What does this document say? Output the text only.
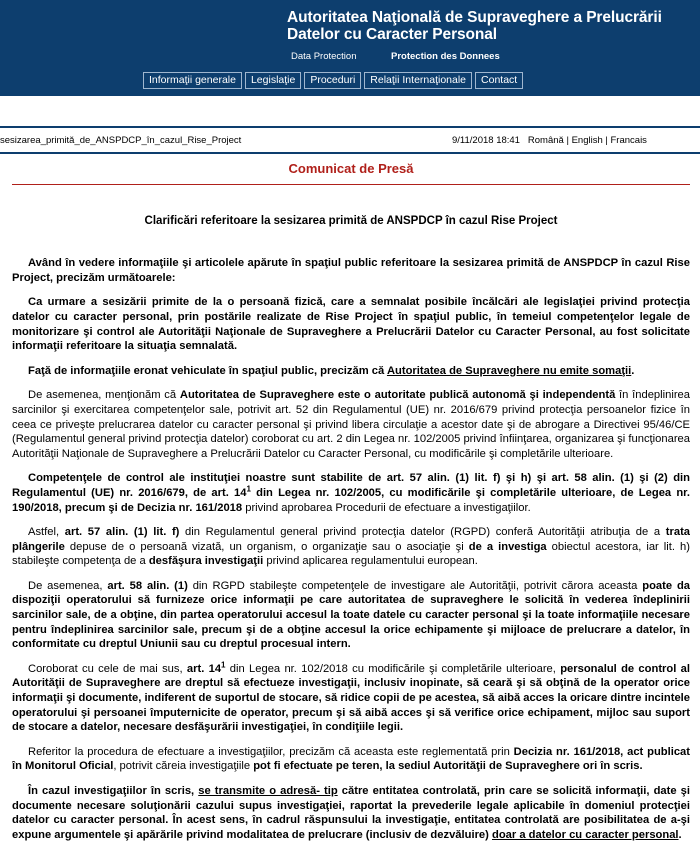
Autoritatea Naţională de Supraveghere a Prelucrării
Datelor cu Caracter Personal
Data Protection	Protection des Donnees
Informaţii generale	Legislaţie	Proceduri	Relaţii Internaţionale	Contact
sesizarea_primită_de_ANSPDCP_în_cazul_Rise_Project	9/11/2018 18:41 Română | English | Francais
Comunicat de Presă
Clarificări referitoare la sesizarea primită de ANSPDCP în cazul Rise Project

Având în vedere informaţiile şi articolele apărute în spaţiul public referitoare la sesizarea primită de ANSPDCP în cazul Rise Project, precizăm următoarele:

Ca urmare a sesizării primite de la o persoană fizică, care a semnalat posibile încălcări ale legislaţiei privind protecţia datelor cu caracter personal, prin postările realizate de Rise Project în spaţiul public, în temeiul competenţelor legale de monitorizare şi control ale Autorităţii Naţionale de Supraveghere a Prelucrării Datelor cu Caracter Personal, au fost solicitate informaţii referitoare la situaţia semnalată.

Faţă de informaţiile eronat vehiculate în spaţiul public, precizăm că Autoritatea de Supraveghere nu emite somaţii.

De asemenea, menţionăm că Autoritatea de Supraveghere este o autoritate publică autonomă şi independentă în îndeplinirea sarcinilor şi exercitarea competenţelor sale, potrivit art. 52 din Regulamentul (UE) nr. 2016/679 privind protecţia persoanelor fizice în ceea ce priveşte prelucrarea datelor cu caracter personal şi privind libera circulaţie a acestor date şi de abrogare a Directivei 95/46/CE (Regulamentul general privind protecţia datelor) coroborat cu art. 2 din Legea nr. 102/2005 privind înfiinţarea, organizarea şi funcţionarea Autorităţii Naţionale de Supraveghere a Prelucrării Datelor cu Caracter Personal, cu modificările şi completările ulterioare.

Competenţele de control ale instituţiei noastre sunt stabilite de art. 57 alin. (1) lit. f) şi h) şi art. 58 alin. (1) şi (2) din Regulamentul (UE) nr. 2016/679, de art. $14^1$ din Legea nr. 102/2005, cu modificările şi completările ulterioare, de Legea nr. 190/2018, precum şi de Decizia nr. 161/2018 privind aprobarea Procedurii de efectuare a investigaţiilor.

Astfel, art. 57 alin. (1) lit. f) din Regulamentul general privind protecţia datelor (RGPD) conferă Autorităţii atribuţia de a trata plângerile depuse de o persoană vizată, un organism, o organizaţie sau o asociaţie şi de a investiga obiectul acestora, iar lit. h) stabileşte competenţa de a desfăşura investigaţii privind aplicarea regulamentului european.

De asemenea, art. 58 alin. (1) din RGPD stabileşte competenţele de investigare ale Autorităţii, potrivit cărora aceasta poate da dispoziţii operatorului să furnizeze orice informaţii pe care autoritatea de supraveghere le solicită în vederea îndeplinirii sarcinilor sale, de a obţine, din partea operatorului accesul la toate datele cu caracter personal şi la toate informaţiile necesare pentru îndeplinirea sarcinilor sale, precum şi de a obţine accesul la orice echipamente şi mijloace de prelucrare a datelor, în conformitate cu dreptul Uniunii sau cu dreptul procesual intern.

Coroborat cu cele de mai sus, art. $14^1$ din Legea nr. 102/2018 cu modificările şi completările ulterioare, personalul de control al Autorităţii de Supraveghere are dreptul să efectueze investigaţii, inclusiv inopinate, să ceară şi să obţină de la operator orice informaţii şi documente, indiferent de suportul de stocare, să ridice copii de pe acestea, să aibă acces la oricare dintre incintele operatorului şi persoanei împuternicite de operator, precum şi să aibă acces şi să verifice orice echipament, mijloc sau suport de stocare a datelor, necesare desfăşurării investigaţiei, în condiţiile legii.

Referitor la procedura de efectuare a investigaţiilor, precizăm că aceasta este reglementată prin Decizia nr. 161/2018, act publicat în Monitorul Oficial, potrivit căreia investigaţiile pot fi efectuate pe teren, la sediul Autorităţii de Supraveghere ori în scris.

În cazul investigaţiilor în scris, se transmite o adresă- tip către entitatea controlată, prin care se solicită informaţii, date şi documente necesare soluţionării cazului supus investigaţiei, raportat la prevederile legale aplicabile în domeniul protecţiei datelor cu caracter personal. În acest sens, în cadrul răspunsului la investigaţie, entitatea controlată are posibilitatea de a-şi expune argumentele şi apărările privind modalitatea de prelucrare (inclusiv de dezvăluire) doar a datelor cu caracter personal.
